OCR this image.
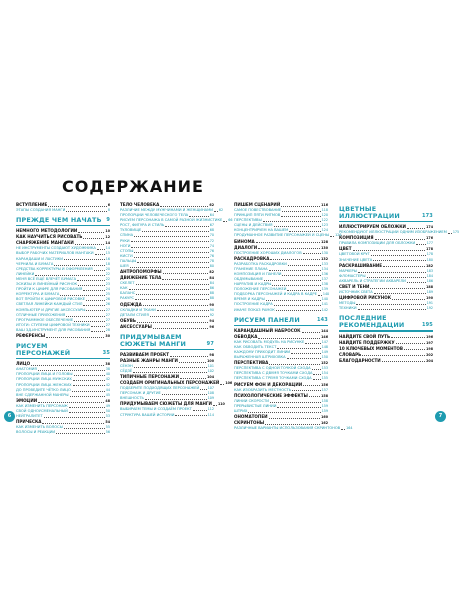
СОДЕРЖАНИЕ
ВСТУПЛЕНИЕ	6
ЭТАПЫ СОЗДАНИЯ МАНГИ	8
ПРЕЖДЕ ЧЕМ НАЧАТЬ 9
НЕМНОГО МЕТОДОЛОГИИ	10
КАК НАУЧИТЬСЯ РИСОВАТЬ	12
СНАРЯЖЕНИЕ МАНГАКИ	14
НЕ ИНСТРУМЕНТЫ СОЗДАЮТ ХУДОЖНИКА	14
ВЫБОР РАБОЧИХ МАТЕРИАЛОВ МАНГАКИ	15
КАРАНДАШИ И ЛАСТИКИ	16
ЧЕРНИЛА И БУМАГА	18
СРЕДСТВА КОРРЕКТУРЫ И ОФОРМЛЕНИЯ	20
ЛИНЕЙКИ	22
МЕНЯ ВСЁ ЕЩЁ ВЛЕЧЁТ БУМАГА	22
ЭСКИЗЫ И ЛИНЕЙНЫЙ РИСУНОК	23
ПРОЙТИ К ЦИФРЕ ДЛЯ РИСОВАНИЯ	24
КОРРЕКТУРА И БУМАГА	25
ВОТ ПРОЙТИ К ЦИФРОВОЙ РИСОВКЕ	26
СВЕТЛАЯ ЛИНЕЙКИ КАЖДЫЙ СТИЛ	26
КОМПЬЮТЕР И ДРУГИЕ АКСЕССУАРЫ	27
ОТЛИЧНЫЕ ПРИЛОЖЕНИЯ	27
ПРОГРАММНОЕ ОБЕСПЕЧЕНИЕ	27
ИТОГИ: СТУПЕНИ ЦИФРОВОЙ ТЕХНИКИ	27
ВАШ 3Д-ИНСТРУМЕНТ ДЛЯ РИСОВАНИЯ	28
РЕФЕРЕНСЫ	30
РИСУЕМ ПЕРСОНАЖЕЙ	35
ЛИЦО	38
АНАТОМИЯ	38
ПРОПОРЦИИ ЛИЦА И ГОЛОВЫ	40
ПРОПОРЦИИ ЛИЦА МУЖСКИХ	42
ПРОПОРЦИИ ЛИЦА ЖЕНСКИХ	42
ДО ПРОВЕДИТЕ ЧЁТКО ЛИЦО	44
ВНЕ СДЕРЖАННОЙ МАНЕРЫ	45
ЭМОЦИИ	48
КАК ИЗМЕНИТЬ ПЕРСОНАЖ	49
СВОЙ ОДНОУСМЕНАЛЬНЫЙ	50
НЕЙТРАЛИТЕТ	53
ПРИЧЕСКА	54
КАК ИЗМЕНИТЬ ВОЛОСЫ	55
ВОЛОСЫ И РЕАКЦИИ	56
ТЕЛО ЧЕЛОВЕКА	62
РАЗЛИЧИЕ МЕЖДУ МУЖЧИНАМИ И ЖЕНЩИНАМИ 62
ПРОПОРЦИИ ЧЕЛОВЕЧЕСКОГО ТЕЛА	64
РИСУЕМ ПЕРСОНАЖА В САМОЙ РАЗНОЙ ЖИЗНИСТИКЕ 66
РОСТ, ФИГУРА И СТИЛЬ	67
ТУЛОВИЩЕ	68
СПИНА	70
РУКИ	72
НОГИ	74
СТОПЫ	76
КИСТИ	76
ПАЛЬЦЫ	78
ШЕЯ	80
АНТРОПОМОРФЫ	82
ДВИЖЕНИЕ ТЕЛА	84
СКЕЛЕТ	84
КАК	86
БАЛАНС	88
РАКУРС	88
ОДЕЖДА	90
СКЛАДКИ И ТКАНИ	90
ДЕТАЛИ СТИЛЯ	92
ОБУВЬ	94
АКСЕССУАРЫ	96
ПРИДУМЫВАЕМ СЮЖЕТЫ МАНГИ	97
РАЗВИВАЕМ ПРОЕКТ	98
РАЗНЫЕ ЖАНРЫ МАНГИ	100
СЁНЭН	101
СЁДЗЁ	102
ТИПИЧНЫЕ ПЕРСОНАЖИ	104
СОЗДАЕМ ОРИГИНАЛЬНЫХ ПЕРСОНАЖЕЙ 106
ПОДБЕРИТЕ ПОДХОДЯЩИХ ПЕРСОНАЖЕЙ	107
ПЕРСОНАЖ И ДРУГИЕ	108
ВНЕШНОСТЬ	109
ПРИДУМЫВАЕМ СЮЖЕТЫ ДЛЯ МАНГИ 110
ВЫБИРАЕМ ТЕМЫ И СОЗДАЁМ ПРОЕКТ	112
СТРУКТУРА ВАШЕЙ ИСТОРИИ	114
ПИШЕМ СЦЕНАРИЙ	116
САМОЕ ПОВЕСТВОВАНИЕ	118
ПРИНЦИП ПЯТИ РИТМОВ	120
ПЕРСПЕКТИВЫ	122
СЦЕНЫ И ДЕЙСТВИЯ	123
КОНЦЕНТРИРУЕМ НА ВАШЕМ	124
ПРОДУМАННОЕ РАЗВИТИЕ ПЕРСОНАЖЕЙ И СЦЕНЫ 126
БИНОМА	128
ДИАЛОГИ	130
ПОСТРОЕНИЕ ХОРОШИХ ДИАЛОГОВ	130
РАСКАДРОВКА	132
РАЗРАБОТКА РАСКАДРОВКИ	133
ГРАНЕНИЕ ПЛАНА	134
КОМПОЗИЦИЯ И ПАНЕЛИ	136
ОБДУМЫВАНИЕ	137
НАРРАТИВ И КАДРЫ	138
ПОЛОЖЕНИЕ ПЕРСОНАЖЕЙ	139
ПОДБОРКА ПЕРСОНАЖЕЙ И КАДРА В КАДРЕ 140
ВРЕМЯ И КАДРЫ	140
ПОСТРОЕНИЕ КАДРА	141
ИНАЧЕ ПОКАЗ РАМОК	142
РИСУЕМ ПАНЕЛИ	143
КАРАНДАШНЫЙ НАБРОСОК	144
ОБВОДКА	146
КАК РИСОВАТЬ МОДУЛЬ НА РИСУНКЕ	147
КАК ОБВОДИТЬ ТЕКСТ	148
КАЖДОМУ ПРИХОДИТ ЛИНИИ	149
ВЫРАЖЕННАЯ ШТРИХОВКА	150
ПЕРСПЕКТИВА	152
ПЕРСПЕКТИВА С ОДНОЙ ТОЧКОЙ СХОДА	153
ПЕРСПЕКТИВА С ДВУМЯ ТОЧКАМИ СХОДА	154
ПЕРСПЕКТИВА С ТРЕМЯ ТОЧКАМИ СХОДА	155
РИСУЕМ ФОН И ДЕКОРАЦИИ	156
КАК ИЗОБРАЗИТЬ МЕСТНОСТЬ	157
ПСИХОЛОГИЧЕСКИЕ ЭФФЕКТЫ	158
ЛИНИИ СКОРОСТИ	158
ПРЕРЫВИСТЫЕ ЛИНИИ	159
ШТРИХ	159
ОНОМАТОПЕИ	160
СКРИНТОНЫ	162
РАЗЛИЧНЫЕ ВАРИАНТЫ ИСПОЛЬЗОВАНИЯ СКРИНТОНОВ 164
ЦВЕТНЫЕ ИЛЛЮСТРАЦИИ	173
ИЛЛЮСТРИРУЕМ ОБЛОЖКИ	174
РЕКОМЕНДУЮТ ИЛЛЮСТРАЦИИ ОДНИМ ИЗОБРАЖЕНИЕМ 175
КОМПОЗИЦИЯ	176
ПРАВИЛА КОМПОЗИЦИИ ДЛЯ ОБЛОЖКИ	177
ЦВЕТ	178
ЦВЕТОВОЙ КРУГ	178
ЗНАЧЕНИЕ ЦВЕТА	180
РАСКРАШИВАНИЕ	182
МАРКЕРЫ	183
ФЛОМАСТЕРЫ	184
АКВАРЕЛЬ И СТРАТЕГИИ АКВАРЕЛИ	186
СВЕТ И ТЕНИ	188
ИСТОЧНИК СВЕТА	189
ЦИФРОВОЙ РИСУНОК	190
МЕТОДЫ	191
ТЕХНИКИ	192
ПОСЛЕДНИЕ РЕКОМЕНДАЦИИ	195
НАЙДИТЕ СВОЙ ПУТЬ	196
НАЙДИТЕ ПОДДЕРЖКУ	197
10 КЛЮЧЕВЫХ МОМЕНТОВ	198
СЛОВАРЬ	202
БЛАГОДАРНОСТИ	204
6	7
